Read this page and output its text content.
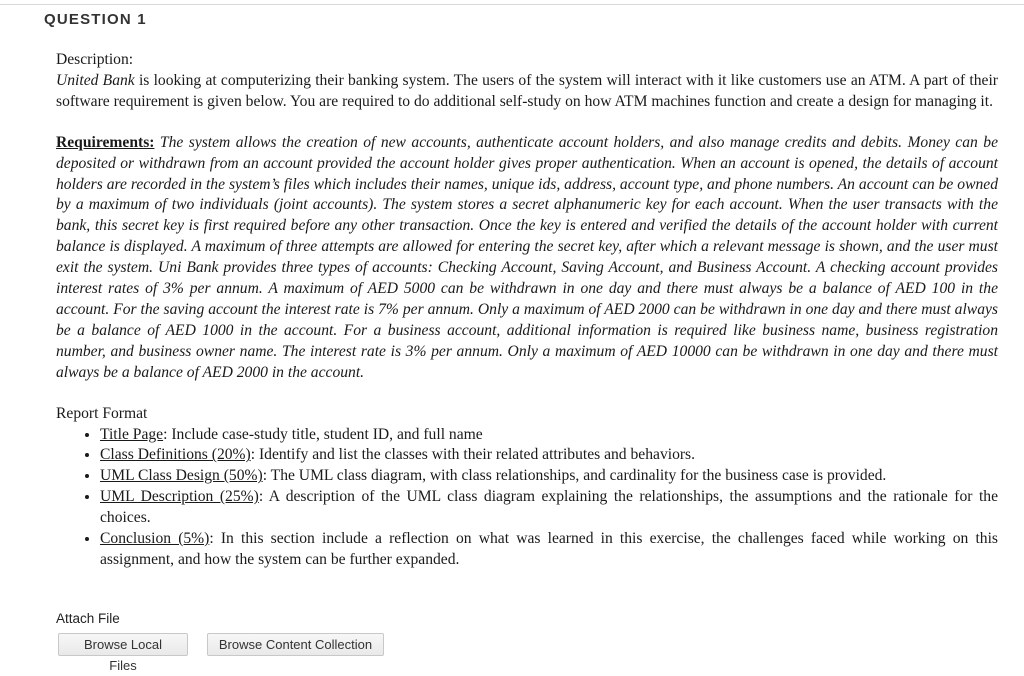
QUESTION 1

Description:

United Bank is looking at computerizing their banking system. The users of the system will interact with it like customers use an ATM. A part of their software requirement is given below. You are required to do additional self-study on how ATM machines function and create a design for managing it.

Requirements: The system allows the creation of new accounts, authenticate account holders, and also manage credits and debits. Money can be deposited or withdrawn from an account provided the account holder gives proper authentication. When an account is opened, the details of account holders are recorded in the system’s files which includes their names, unique ids, address, account type, and phone numbers. An account can be owned by a maximum of two individuals (joint accounts). The system stores a secret alphanumeric key for each account. When the user transacts with the bank, this secret key is first required before any other transaction. Once the key is entered and verified the details of the account holder with current balance is displayed. A maximum of three attempts are allowed for entering the secret key, after which a relevant message is shown, and the user must exit the system. Uni Bank provides three types of accounts: Checking Account, Saving Account, and Business Account. A checking account provides interest rates of 3% per annum. A maximum of AED 5000 can be withdrawn in one day and there must always be a balance of AED 100 in the account. For the saving account the interest rate is 7% per annum. Only a maximum of AED 2000 can be withdrawn in one day and there must always be a balance of AED 1000 in the account. For a business account, additional information is required like business name, business registration number, and business owner name. The interest rate is 3% per annum. Only a maximum of AED 10000 can be withdrawn in one day and there must always be a balance of AED 2000 in the account.

Report Format

• Title Page: Include case-study title, student ID, and full name
• Class Definitions (20%): Identify and list the classes with their related attributes and behaviors.
• UML Class Design (50%): The UML class diagram, with class relationships, and cardinality for the business case is provided.
• UML Description (25%): A description of the UML class diagram explaining the relationships, the assumptions and the rationale for the choices.
• Conclusion (5%): In this section include a reflection on what was learned in this exercise, the challenges faced while working on this assignment, and how the system can be further expanded.
Attach File
Browse Local Files
Browse Content Collection
